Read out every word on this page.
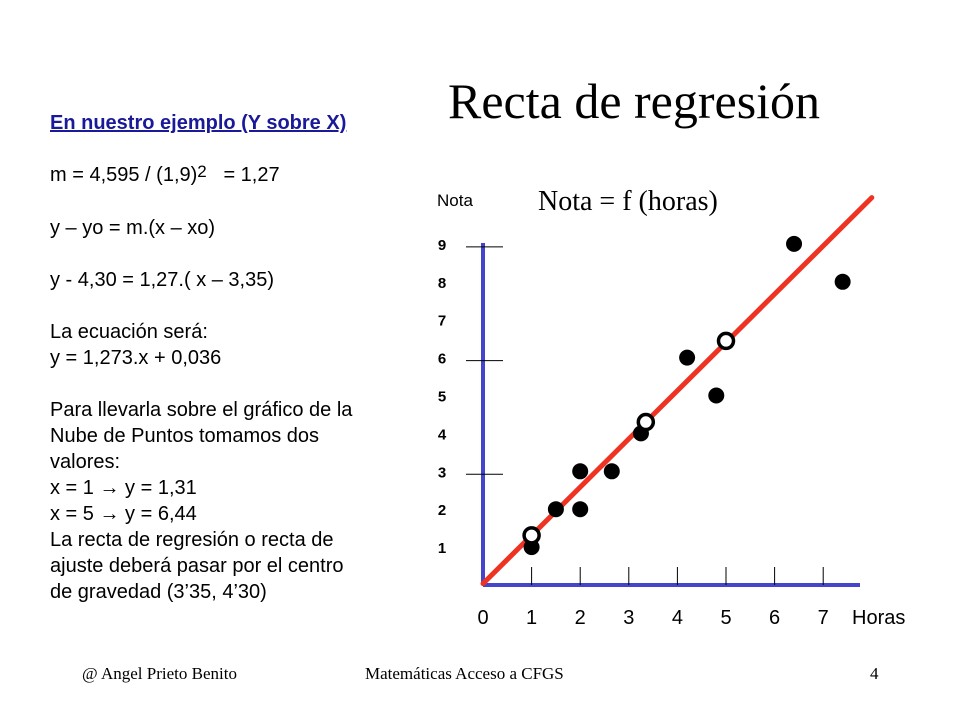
Recta de regresión
En nuestro ejemplo (Y sobre X)
$m = 4,595 / (1,9)^2 = 1,27$
y – yo = m.(x – xo)
y - 4,30 = 1,27.( x – 3,35)
La ecuación será:
y = 1,273.x + 0,036
Para llevarla sobre el gráfico de la
Nube de Puntos tomamos dos
valores:
x = 1 → y = 1,31
x = 5 → y = 6,44
La recta de regresión o recta de
ajuste deberá pasar por el centro
de gravedad (3’35, 4’30)
Nota = f (horas)
Nota
Horas
0 1 2 3 4 5 6 7
1
2
3
4
5
6
7
8
9
@ Angel Prieto Benito	Matemáticas Acceso a CFGS	4
